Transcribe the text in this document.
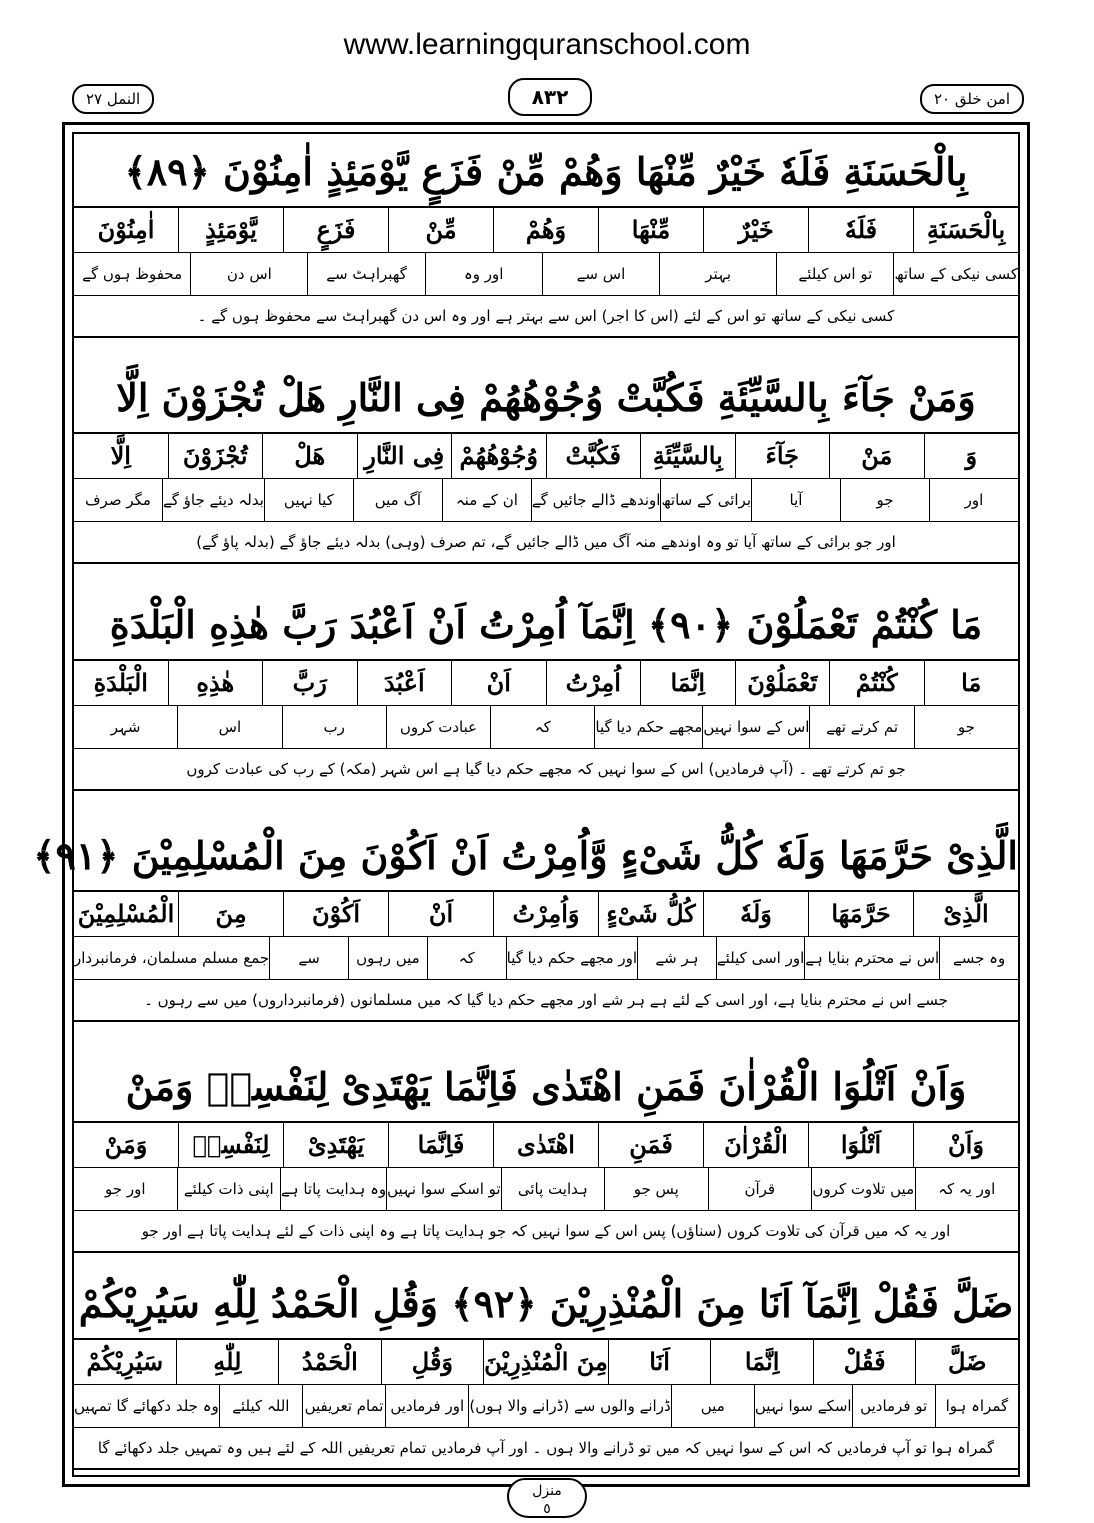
www.learningquranschool.com
النمل ٢٧	٨٣٢	امن خلق ٢٠
بِالْحَسَنَةِ فَلَهٗ خَيْرٌ مِّنْهَا وَهُمْ مِّنْ فَزَعٍ يَّوْمَئِذٍ اٰمِنُوْنَ ﴿٨٩﴾
بِالْحَسَنَةِ
فَلَهٗ
خَيْرٌ
مِّنْهَا
وَهُمْ
مِّنْ
فَزَعٍ
يَّوْمَئِذٍ
اٰمِنُوْنَ
کسی نیکی کے ساتھ
تو اس کیلئے
بہتر
اس سے
اور وہ
گھبراہٹ سے
اس دن
محفوظ ہوں گے
کسی نیکی کے ساتھ تو اس کے لئے (اس کا اجر) اس سے بہتر ہے اور وہ اس دن گھبراہٹ سے محفوظ ہوں گے ۔
وَمَنْ جَآءَ بِالسَّيِّئَةِ فَكُبَّتْ وُجُوْهُهُمْ فِى النَّارِ هَلْ تُجْزَوْنَ اِلَّا
وَ
مَنْ
جَآءَ
بِالسَّيِّئَةِ
فَكُبَّتْ
وُجُوْهُهُمْ
فِى النَّارِ
هَلْ
تُجْزَوْنَ
اِلَّا
اور
جو
آیا
برائی کے ساتھ
اوندھے ڈالے جائیں گے
ان کے منہ
آگ میں
کیا نہیں
بدلہ دیئے جاؤ گے
مگر صرف
اور جو برائی کے ساتھ آیا تو وہ اوندھے منہ آگ میں ڈالے جائیں گے، تم صرف (وہی) بدلہ دیئے جاؤ گے (بدلہ پاؤ گے)
مَا كُنْتُمْ تَعْمَلُوْنَ ﴿٩٠﴾ اِنَّمَآ اُمِرْتُ اَنْ اَعْبُدَ رَبَّ هٰذِهِ الْبَلْدَةِ
مَا
كُنْتُمْ
تَعْمَلُوْنَ
اِنَّمَا
اُمِرْتُ
اَنْ
اَعْبُدَ
رَبَّ
هٰذِهِ
الْبَلْدَةِ
جو
تم کرتے تھے
اس کے سوا نہیں
مجھے حکم دیا گیا
کہ
عبادت کروں
رب
اس
شہر
جو تم کرتے تھے ۔ (آپ فرمادیں) اس کے سوا نہیں کہ مجھے حکم دیا گیا ہے اس شہر (مکہ) کے رب کی عبادت کروں
الَّذِىْ حَرَّمَهَا وَلَهٗ كُلُّ شَىْءٍ وَّاُمِرْتُ اَنْ اَكُوْنَ مِنَ الْمُسْلِمِيْنَ ﴿٩١﴾
الَّذِىْ
حَرَّمَهَا
وَلَهٗ
كُلُّ شَىْءٍ
وَاُمِرْتُ
اَنْ
اَكُوْنَ
مِنَ
الْمُسْلِمِيْنَ
وہ جسے
اس نے محترم بنایا ہے
اور اسی کیلئے
ہر شے
اور مجھے حکم دیا گیا
کہ
میں رہوں
سے
جمع مسلم مسلمان، فرمانبردار
جسے اس نے محترم بنایا ہے، اور اسی کے لئے ہے ہر شے اور مجھے حکم دیا گیا کہ میں مسلمانوں (فرمانبرداروں) میں سے رہوں ۔
وَاَنْ اَتْلُوَا الْقُرْاٰنَ فَمَنِ اهْتَدٰى فَاِنَّمَا يَهْتَدِىْ لِنَفْسِهٖ وَمَنْ
وَاَنْ
اَتْلُوَا
الْقُرْاٰنَ
فَمَنِ
اهْتَدٰى
فَاِنَّمَا
يَهْتَدِىْ
لِنَفْسِهٖ
وَمَنْ
اور یہ کہ
میں تلاوت کروں
قرآن
پس جو
ہدایت پائی
تو اسکے سوا نہیں
وہ ہدایت پاتا ہے
اپنی ذات کیلئے
اور جو
اور یہ کہ میں قرآن کی تلاوت کروں (سناؤں) پس اس کے سوا نہیں کہ جو ہدایت پاتا ہے وہ اپنی ذات کے لئے ہدایت پاتا ہے اور جو
ضَلَّ فَقُلْ اِنَّمَآ اَنَا مِنَ الْمُنْذِرِيْنَ ﴿٩٢﴾ وَقُلِ الْحَمْدُ لِلّٰهِ سَيُرِيْكُمْ
ضَلَّ
فَقُلْ
اِنَّمَا
اَنَا
مِنَ الْمُنْذِرِيْنَ
وَقُلِ
الْحَمْدُ
لِلّٰهِ
سَيُرِيْكُمْ
گمراہ ہوا
تو فرمادیں
اسکے سوا نہیں
میں
ڈرانے والوں سے (ڈرانے والا ہوں)
اور فرمادیں
تمام تعریفیں
اللہ کیلئے
وہ جلد دکھائے گا تمہیں
گمراہ ہوا تو آپ فرمادیں کہ اس کے سوا نہیں کہ میں تو ڈرانے والا ہوں ۔ اور آپ فرمادیں تمام تعریفیں اللہ کے لئے ہیں وہ تمہیں جلد دکھائے گا
منزل
٥
